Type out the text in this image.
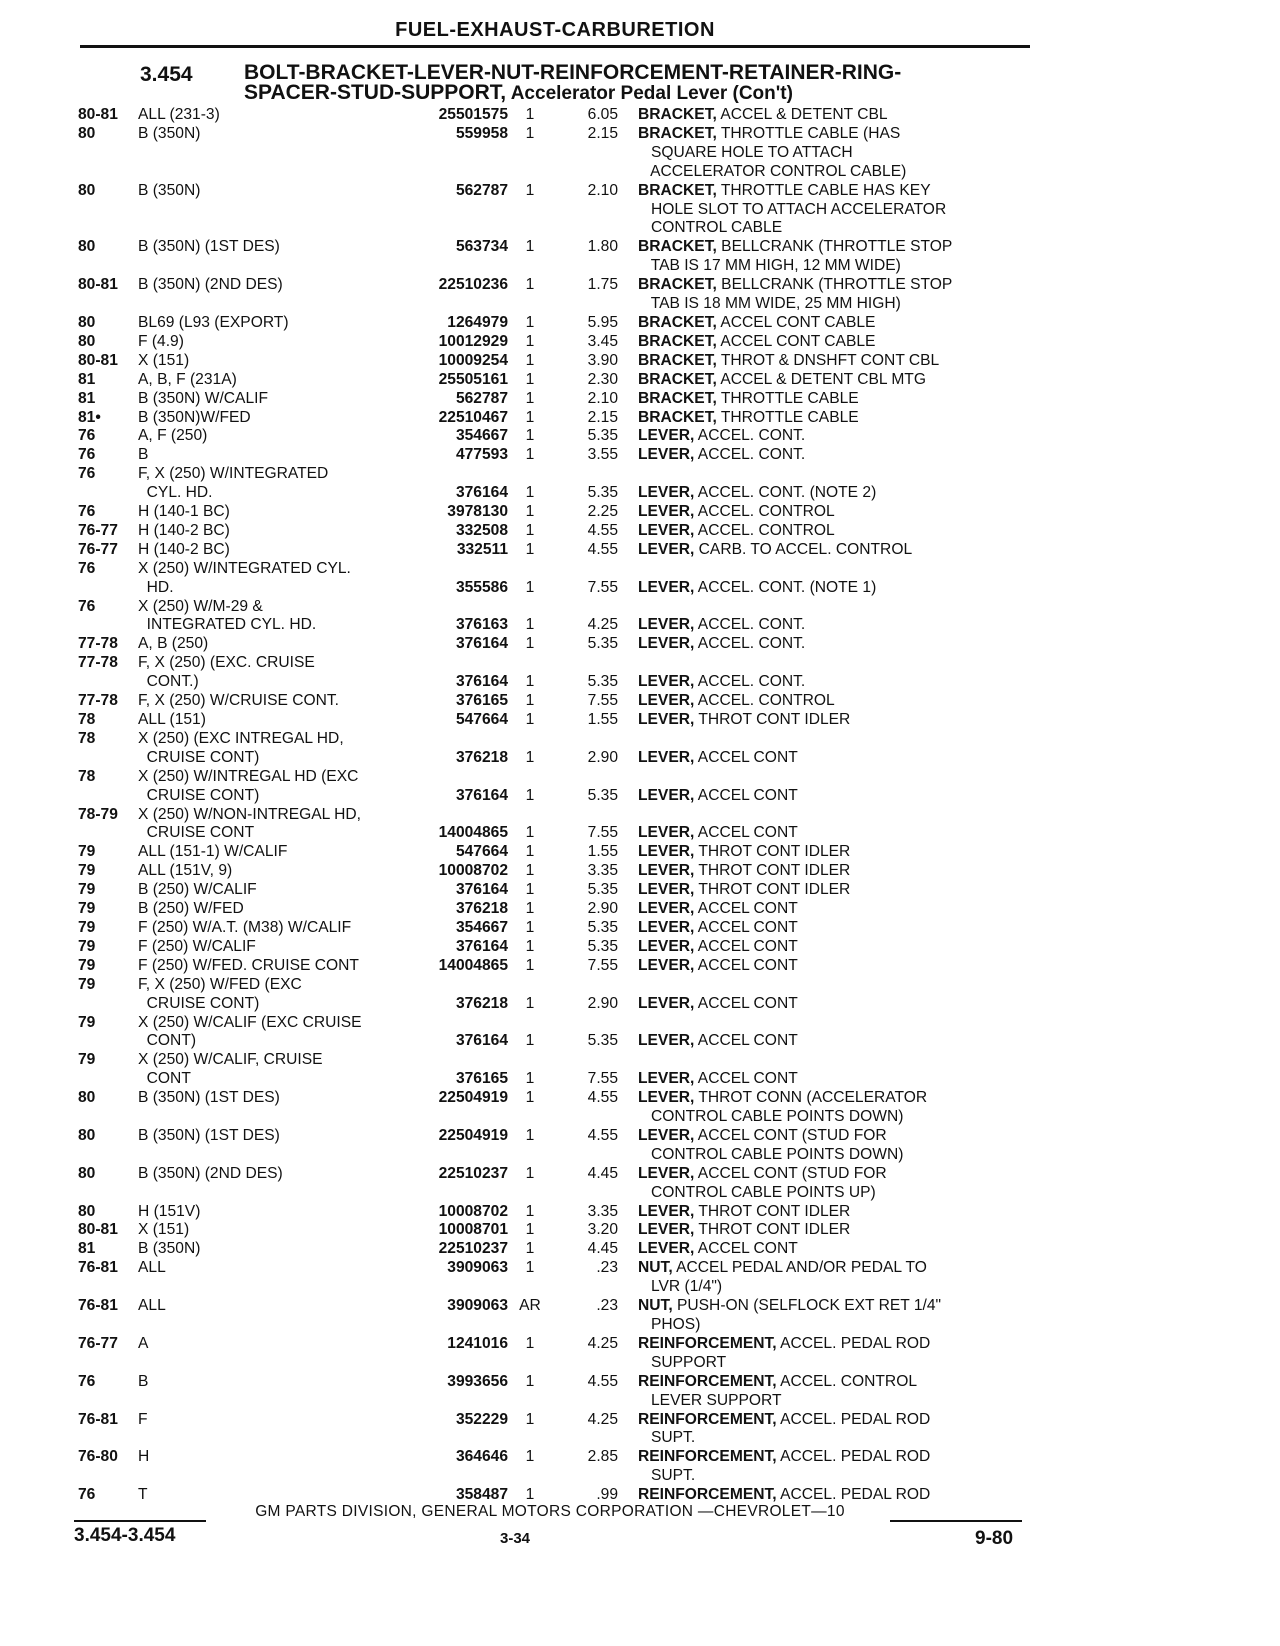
FUEL-EXHAUST-CARBURETION
3.454 BOLT-BRACKET-LEVER-NUT-REINFORCEMENT-RETAINER-RING-
SPACER-STUD-SUPPORT, Accelerator Pedal Lever (Con't)
80-81	ALL (231-3)	25501575	1	6.05	BRACKET, ACCEL & DETENT CBL
80	B (350N)	559958	1	2.15	BRACKET, THROTTLE CABLE (HAS
SQUARE HOLE TO ATTACH
ACCELERATOR CONTROL CABLE)
80	B (350N)	562787	1	2.10	BRACKET, THROTTLE CABLE HAS KEY
HOLE SLOT TO ATTACH ACCELERATOR
CONTROL CABLE
80	B (350N) (1ST DES)	563734	1	1.80	BRACKET, BELLCRANK (THROTTLE STOP
TAB IS 17 MM HIGH, 12 MM WIDE)
80-81	B (350N) (2ND DES)	22510236	1	1.75	BRACKET, BELLCRANK (THROTTLE STOP
TAB IS 18 MM WIDE, 25 MM HIGH)
80	BL69 (L93 (EXPORT)	1264979	1	5.95	BRACKET, ACCEL CONT CABLE
80	F (4.9)	10012929	1	3.45	BRACKET, ACCEL CONT CABLE
80-81	X (151)	10009254	1	3.90	BRACKET, THROT & DNSHFT CONT CBL
81	A, B, F (231A)	25505161	1	2.30	BRACKET, ACCEL & DETENT CBL MTG
81	B (350N) W/CALIF	562787	1	2.10	BRACKET, THROTTLE CABLE
81•	B (350N)W/FED	22510467	1	2.15	BRACKET, THROTTLE CABLE
76	A, F (250)	354667	1	5.35	LEVER, ACCEL. CONT.
76	B	477593	1	3.55	LEVER, ACCEL. CONT.
76	F, X (250) W/INTEGRATED
CYL. HD.	376164	1	5.35	LEVER, ACCEL. CONT. (NOTE 2)
76	H (140-1 BC)	3978130	1	2.25	LEVER, ACCEL. CONTROL
76-77	H (140-2 BC)	332508	1	4.55	LEVER, ACCEL. CONTROL
76-77	H (140-2 BC)	332511	1	4.55	LEVER, CARB. TO ACCEL. CONTROL
76	X (250) W/INTEGRATED CYL.
HD.	355586	1	7.55	LEVER, ACCEL. CONT. (NOTE 1)
76	X (250) W/M-29 &
INTEGRATED CYL. HD.	376163	1	4.25	LEVER, ACCEL. CONT.
77-78	A, B (250)	376164	1	5.35	LEVER, ACCEL. CONT.
77-78	F, X (250) (EXC. CRUISE
CONT.)	376164	1	5.35	LEVER, ACCEL. CONT.
77-78	F, X (250) W/CRUISE CONT.	376165	1	7.55	LEVER, ACCEL. CONTROL
78	ALL (151)	547664	1	1.55	LEVER, THROT CONT IDLER
78	X (250) (EXC INTREGAL HD,
CRUISE CONT)	376218	1	2.90	LEVER, ACCEL CONT
78	X (250) W/INTREGAL HD (EXC
CRUISE CONT)	376164	1	5.35	LEVER, ACCEL CONT
78-79	X (250) W/NON-INTREGAL HD,
CRUISE CONT	14004865	1	7.55	LEVER, ACCEL CONT
79	ALL (151-1) W/CALIF	547664	1	1.55	LEVER, THROT CONT IDLER
79	ALL (151V, 9)	10008702	1	3.35	LEVER, THROT CONT IDLER
79	B (250) W/CALIF	376164	1	5.35	LEVER, THROT CONT IDLER
79	B (250) W/FED	376218	1	2.90	LEVER, ACCEL CONT
79	F (250) W/A.T. (M38) W/CALIF	354667	1	5.35	LEVER, ACCEL CONT
79	F (250) W/CALIF	376164	1	5.35	LEVER, ACCEL CONT
79	F (250) W/FED. CRUISE CONT	14004865	1	7.55	LEVER, ACCEL CONT
79	F, X (250) W/FED (EXC
CRUISE CONT)	376218	1	2.90	LEVER, ACCEL CONT
79	X (250) W/CALIF (EXC CRUISE
CONT)	376164	1	5.35	LEVER, ACCEL CONT
79	X (250) W/CALIF, CRUISE
CONT	376165	1	7.55	LEVER, ACCEL CONT
80	B (350N) (1ST DES)	22504919	1	4.55	LEVER, THROT CONN (ACCELERATOR
CONTROL CABLE POINTS DOWN)
80	B (350N) (1ST DES)	22504919	1	4.55	LEVER, ACCEL CONT (STUD FOR
CONTROL CABLE POINTS DOWN)
80	B (350N) (2ND DES)	22510237	1	4.45	LEVER, ACCEL CONT (STUD FOR
CONTROL CABLE POINTS UP)
80	H (151V)	10008702	1	3.35	LEVER, THROT CONT IDLER
80-81	X (151)	10008701	1	3.20	LEVER, THROT CONT IDLER
81	B (350N)	22510237	1	4.45	LEVER, ACCEL CONT
76-81	ALL	3909063	1	.23	NUT, ACCEL PEDAL AND/OR PEDAL TO
LVR (1/4")
76-81	ALL	3909063 AR	.23	NUT, PUSH-ON (SELFLOCK EXT RET 1/4"
PHOS)
76-77	A	1241016	1	4.25	REINFORCEMENT, ACCEL. PEDAL ROD
SUPPORT
76	B	3993656	1	4.55	REINFORCEMENT, ACCEL. CONTROL
LEVER SUPPORT
76-81	F	352229	1	4.25	REINFORCEMENT, ACCEL. PEDAL ROD
SUPT.
76-80	H	364646	1	2.85	REINFORCEMENT, ACCEL. PEDAL ROD
SUPT.
76	T	358487	1	.99	REINFORCEMENT, ACCEL. PEDAL ROD
GM PARTS DIVISION, GENERAL MOTORS CORPORATION —CHEVROLET—10
3.454-3.454	3-34	9-80
